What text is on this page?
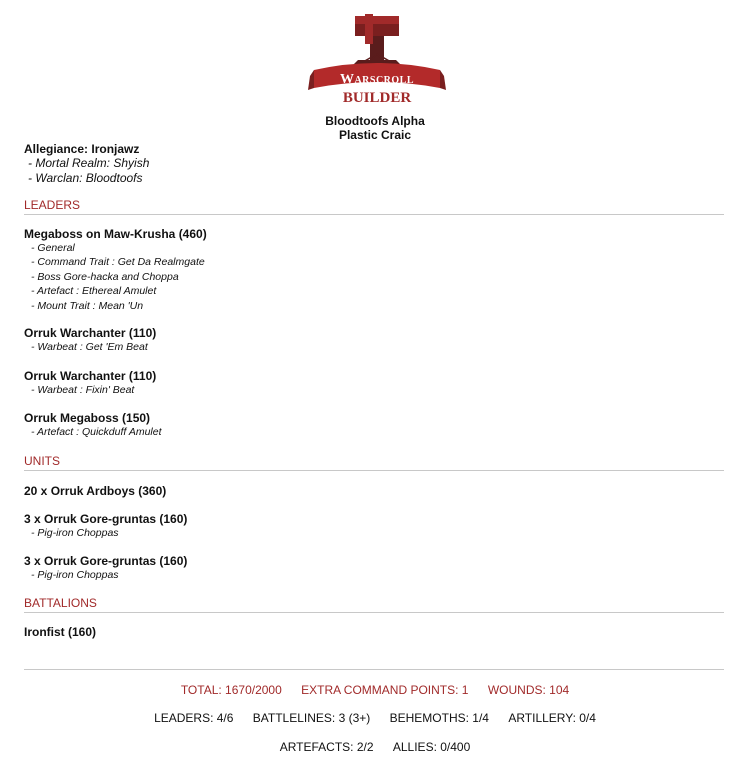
Warscroll
BUILDER
Bloodtoofs Alpha
Plastic Craic
Allegiance: Ironjawz
- Mortal Realm: Shyish
- Warclan: Bloodtoofs
LEADERS
Megaboss on Maw-Krusha (460)
- General
- Command Trait : Get Da Realmgate
- Boss Gore-hacka and Choppa
- Artefact : Ethereal Amulet
- Mount Trait : Mean 'Un
Orruk Warchanter (110)
- Warbeat : Get 'Em Beat
Orruk Warchanter (110)
- Warbeat : Fixin' Beat
Orruk Megaboss (150)
- Artefact : Quickduff Amulet
UNITS
20 x Orruk Ardboys (360)
3 x Orruk Gore-gruntas (160)
- Pig-iron Choppas
3 x Orruk Gore-gruntas (160)
- Pig-iron Choppas
BATTALIONS
Ironfist (160)
TOTAL: 1670/2000 EXTRA COMMAND POINTS: 1 WOUNDS: 104
LEADERS: 4/6 BATTLELINES: 3 (3+) BEHEMOTHS: 1/4 ARTILLERY: 0/4
ARTEFACTS: 2/2 ALLIES: 0/400
